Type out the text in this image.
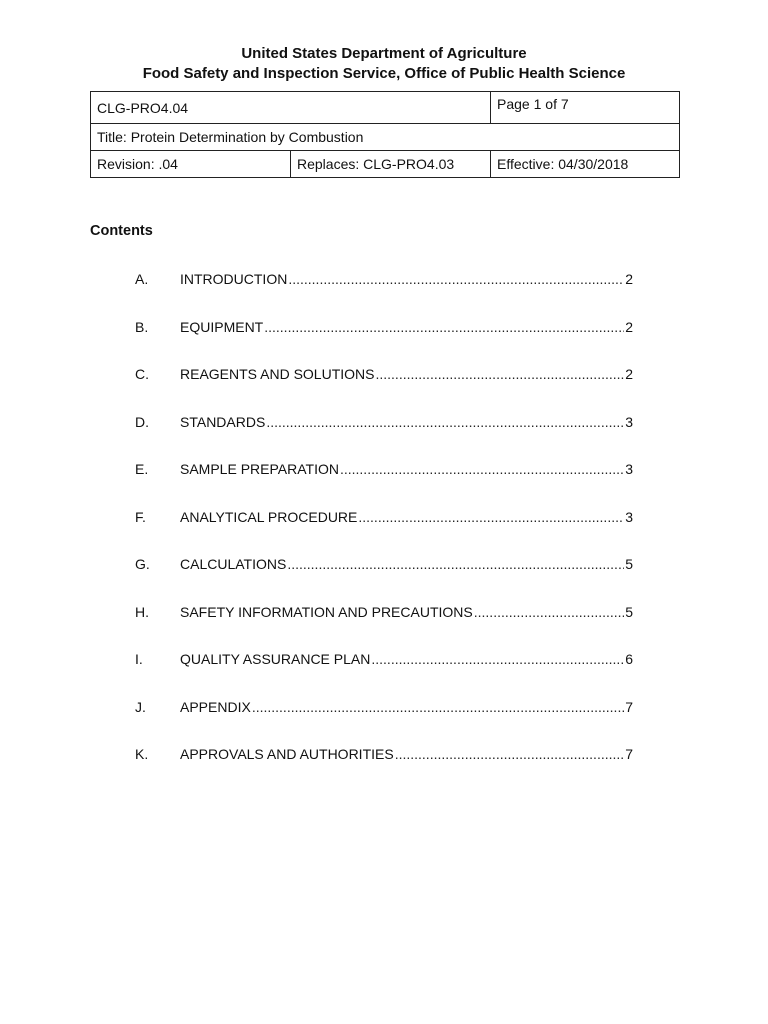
United States Department of Agriculture
Food Safety and Inspection Service, Office of Public Health Science
CLG-PRO4.04		Page 1 of 7
Title: Protein Determination by Combustion		
Revision: .04	Replaces: CLG-PRO4.03	Effective: 04/30/2018
Contents
A. INTRODUCTION .....	2
B. EQUIPMENT .....	2
C. REAGENTS AND SOLUTIONS .....	2
D. STANDARDS .....	3
E. SAMPLE PREPARATION .....	3
F. ANALYTICAL PROCEDURE .....	3
G. CALCULATIONS .....	5
H. SAFETY INFORMATION AND PRECAUTIONS .....	5
I.	QUALITY ASSURANCE PLAN .....	6
J. APPENDIX .....	7
K. APPROVALS AND AUTHORITIES .....	7
